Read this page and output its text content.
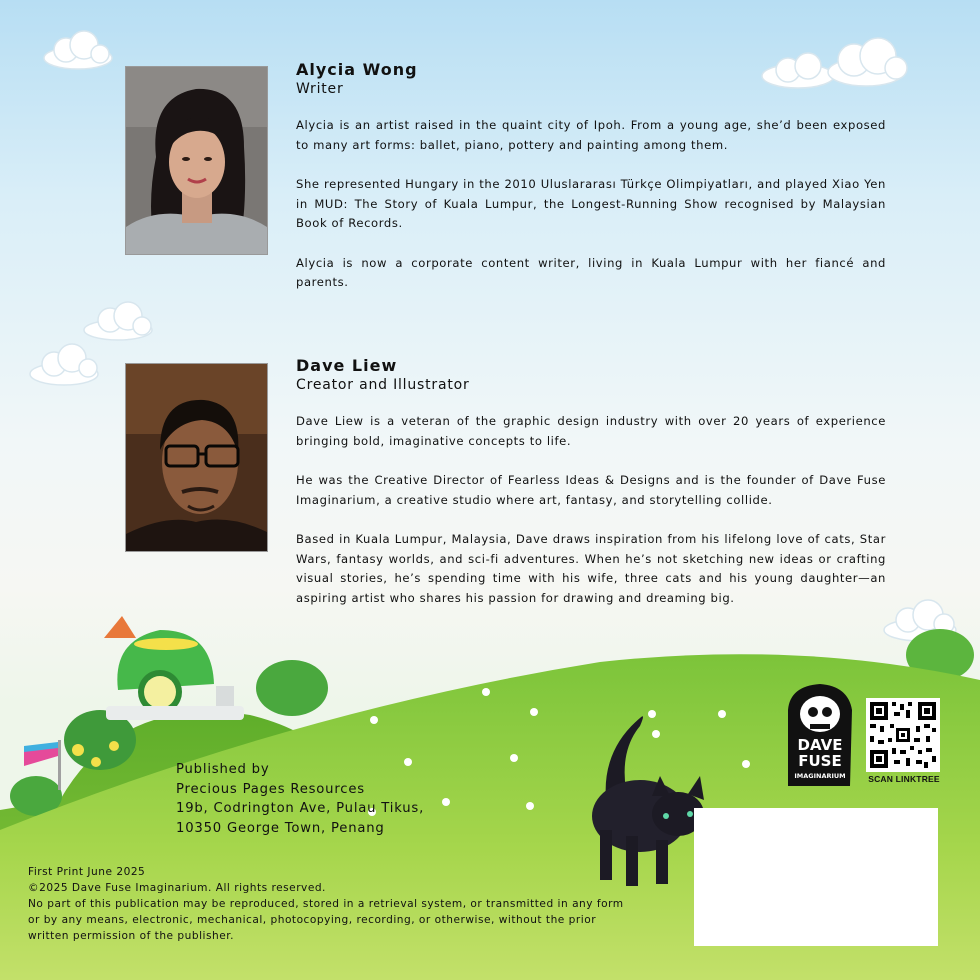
Alycia Wong
Writer

Alycia is an artist raised in the quaint city of Ipoh. From a young age, she’d been exposed to many art forms: ballet, piano, pottery and painting among them.

She represented Hungary in the 2010 Uluslararası Türkçe Olimpiyatları, and played Xiao Yen in MUD: The Story of Kuala Lumpur, the Longest-Running Show recognised by Malaysian Book of Records.

Alycia is now a corporate content writer, living in Kuala Lumpur with her fiancé and parents.

Dave Liew
Creator and Illustrator

Dave Liew is a veteran of the graphic design industry with over 20 years of experience bringing bold, imaginative concepts to life.

He was the Creative Director of Fearless Ideas & Designs and is the founder of Dave Fuse Imaginarium, a creative studio where art, fantasy, and storytelling collide.

Based in Kuala Lumpur, Malaysia, Dave draws inspiration from his lifelong love of cats, Star Wars, fantasy worlds, and sci-fi adventures. When he’s not sketching new ideas or crafting visual stories, he’s spending time with his wife, three cats and his young daughter—an aspiring artist who shares his passion for drawing and dreaming big.

DAVE
FUSE
IMAGINARIUM	SCAN LINKTREE
Published by
Precious Pages Resources
19b, Codrington Ave, Pulau Tikus,
10350 George Town, Penang
First Print June 2025
©2025 Dave Fuse Imaginarium. All rights reserved.
No part of this publication may be reproduced, stored in a retrieval system, or transmitted in any form
or by any means, electronic, mechanical, photocopying, recording, or otherwise, without the prior
written permission of the publisher.
